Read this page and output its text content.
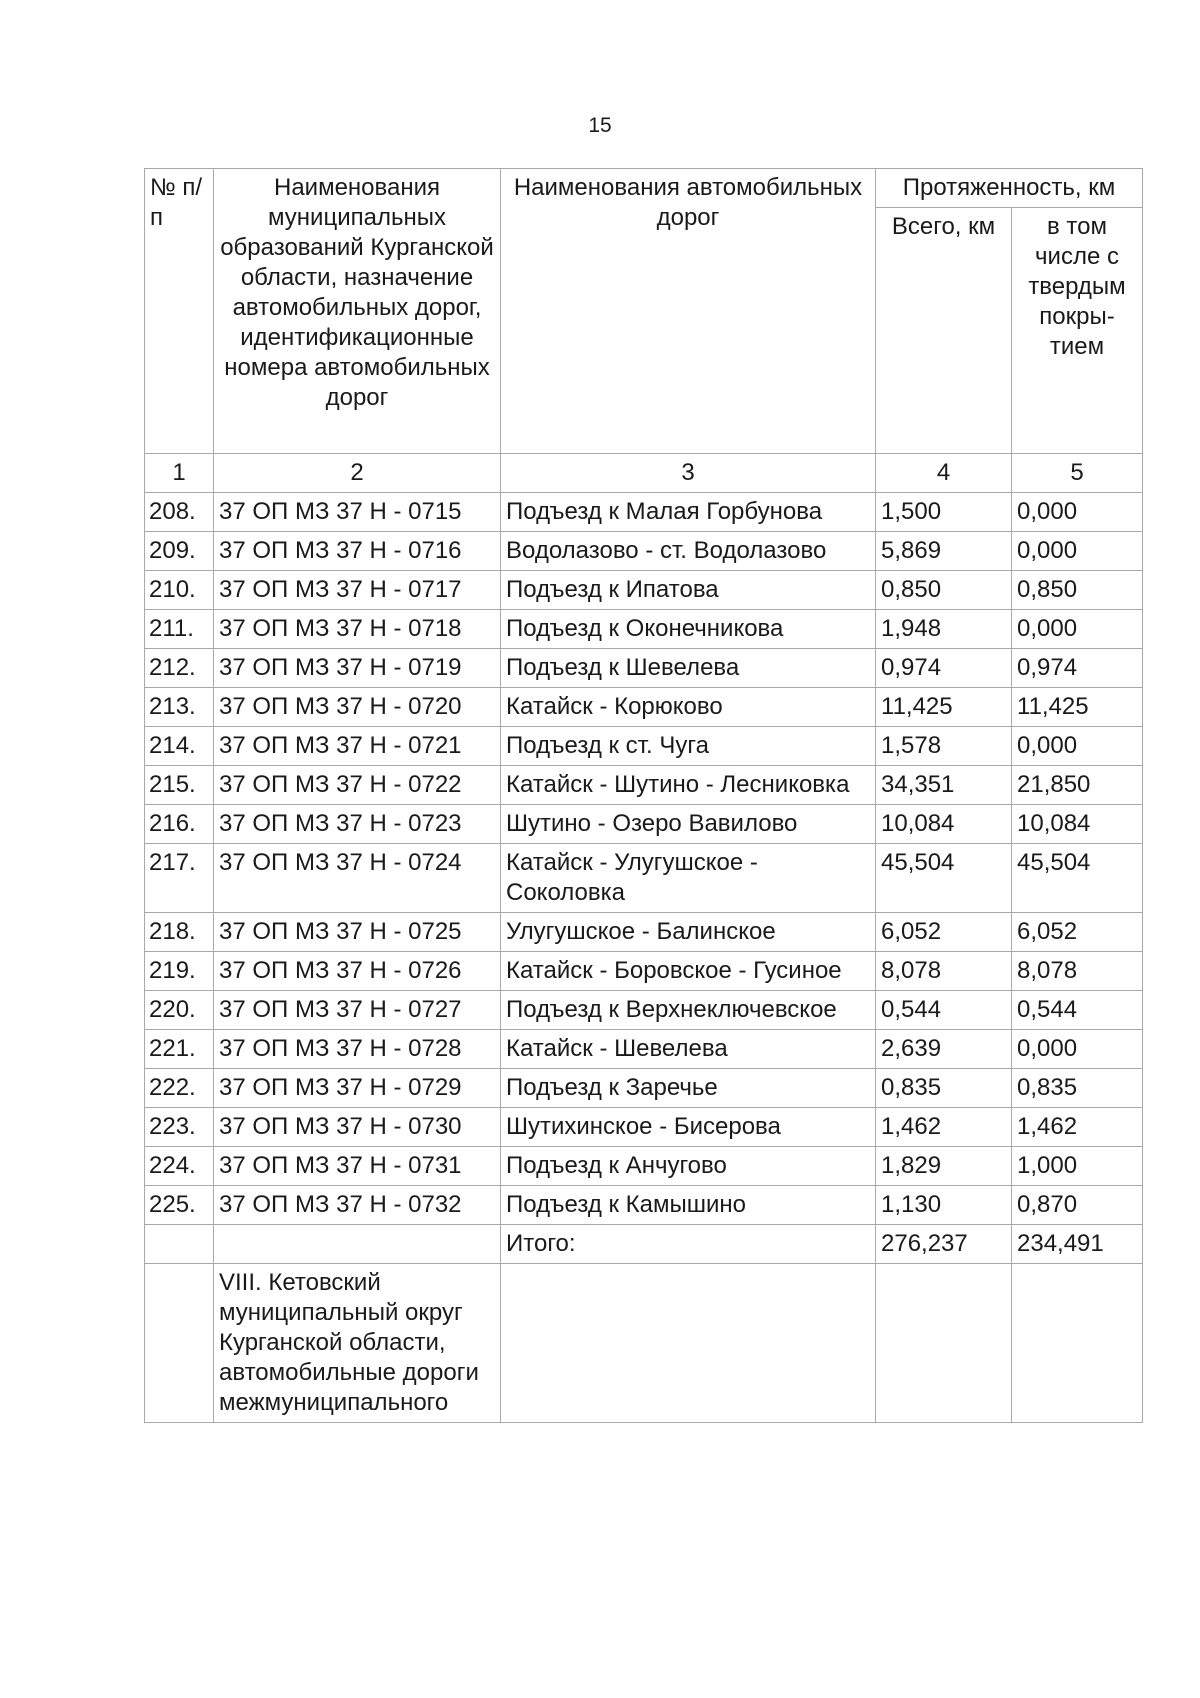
15
№ п/п	Наименования муниципальных образований Курганской области, назначение автомобильных дорог, идентификационные номера автомобильных дорог	Наименования автомобильных дорог	Протяженность, км	
			Всего, км	в том числе с твердым покры-тием
1	2	3	4	5
208.	37 ОП МЗ 37 Н - 0715	Подъезд к Малая Горбунова	1,500	0,000
209.	37 ОП МЗ 37 Н - 0716	Водолазово - ст. Водолазово	5,869	0,000
210.	37 ОП МЗ 37 Н - 0717	Подъезд к Ипатова	0,850	0,850
211.	37 ОП МЗ 37 Н - 0718	Подъезд к Оконечникова	1,948	0,000
212.	37 ОП МЗ 37 Н - 0719	Подъезд к Шевелева	0,974	0,974
213.	37 ОП МЗ 37 Н - 0720	Катайск - Корюково	11,425	11,425
214.	37 ОП МЗ 37 Н - 0721	Подъезд к ст. Чуга	1,578	0,000
215.	37 ОП МЗ 37 Н - 0722	Катайск - Шутино - Лесниковка	34,351	21,850
216.	37 ОП МЗ 37 Н - 0723	Шутино - Озеро Вавилово	10,084	10,084
217.	37 ОП МЗ 37 Н - 0724	Катайск - Улугушское - Соколовка	45,504	45,504
218.	37 ОП МЗ 37 Н - 0725	Улугушское - Балинское	6,052	6,052
219.	37 ОП МЗ 37 Н - 0726	Катайск - Боровское - Гусиное	8,078	8,078
220.	37 ОП МЗ 37 Н - 0727	Подъезд к Верхнеключевское	0,544	0,544
221.	37 ОП МЗ 37 Н - 0728	Катайск - Шевелева	2,639	0,000
222.	37 ОП МЗ 37 Н - 0729	Подъезд к Заречье	0,835	0,835
223.	37 ОП МЗ 37 Н - 0730	Шутихинское - Бисерова	1,462	1,462
224.	37 ОП МЗ 37 Н - 0731	Подъезд к Анчугово	1,829	1,000
225.	37 ОП МЗ 37 Н - 0732	Подъезд к Камышино	1,130	0,870
		Итого:	276,237	234,491
	VIII. Кетовский муниципальный округ Курганской области, автомобильные дороги межмуниципального			
